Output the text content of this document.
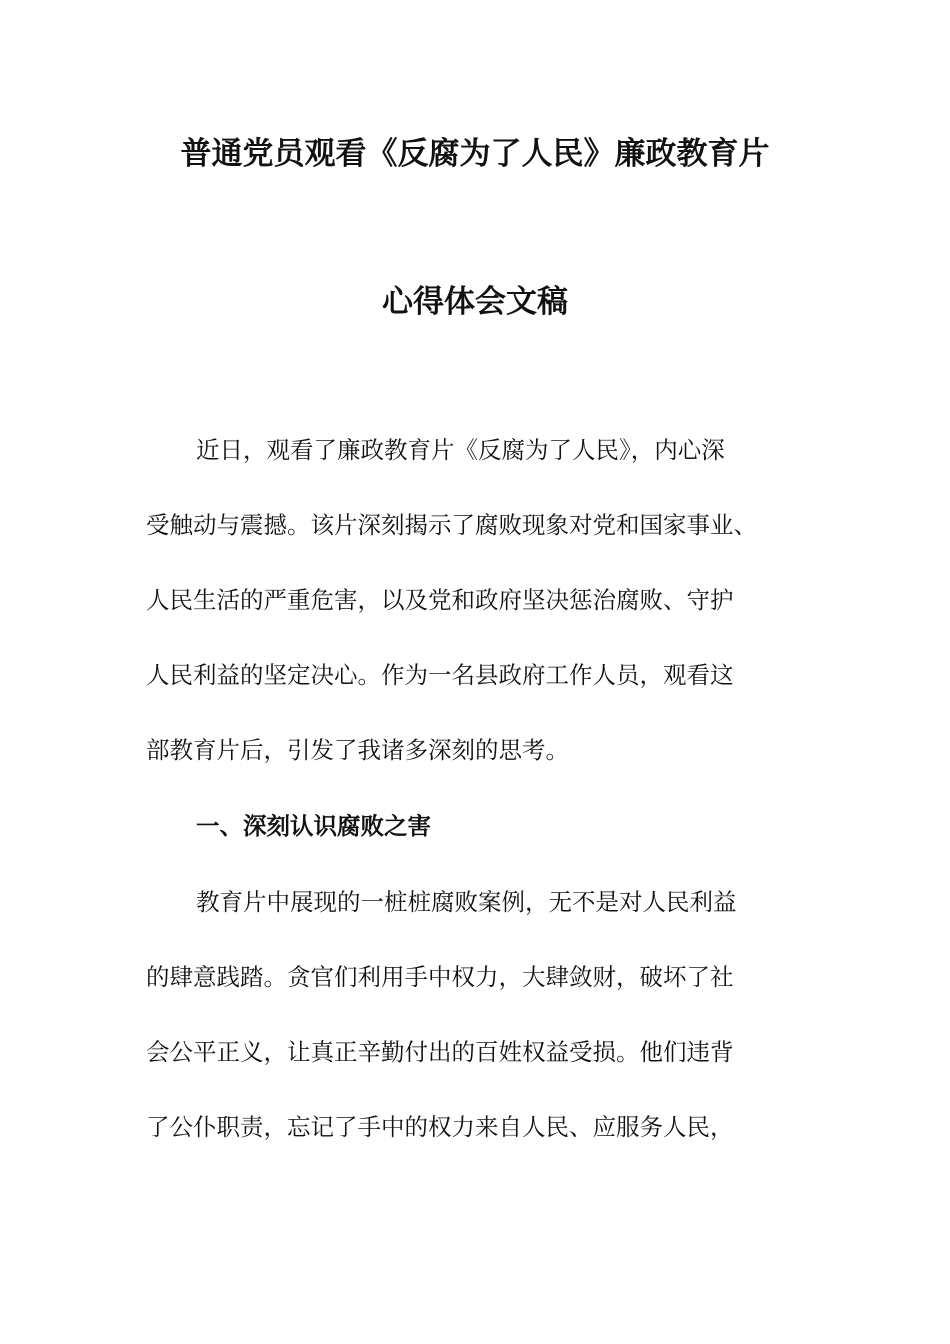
普通党员观看《反腐为了人民》廉政教育片
心得体会文稿
近日，观看了廉政教育片《反腐为了人民》，内心深
受触动与震撼。该片深刻揭示了腐败现象对党和国家事业、
人民生活的严重危害，以及党和政府坚决惩治腐败、守护
人民利益的坚定决心。作为一名县政府工作人员，观看这
部教育片后，引发了我诸多深刻的思考。
一、深刻认识腐败之害
教育片中展现的一桩桩腐败案例，无不是对人民利益
的肆意践踏。贪官们利用手中权力，大肆敛财，破坏了社
会公平正义，让真正辛勤付出的百姓权益受损。他们违背
了公仆职责，忘记了手中的权力来自人民、应服务人民，
